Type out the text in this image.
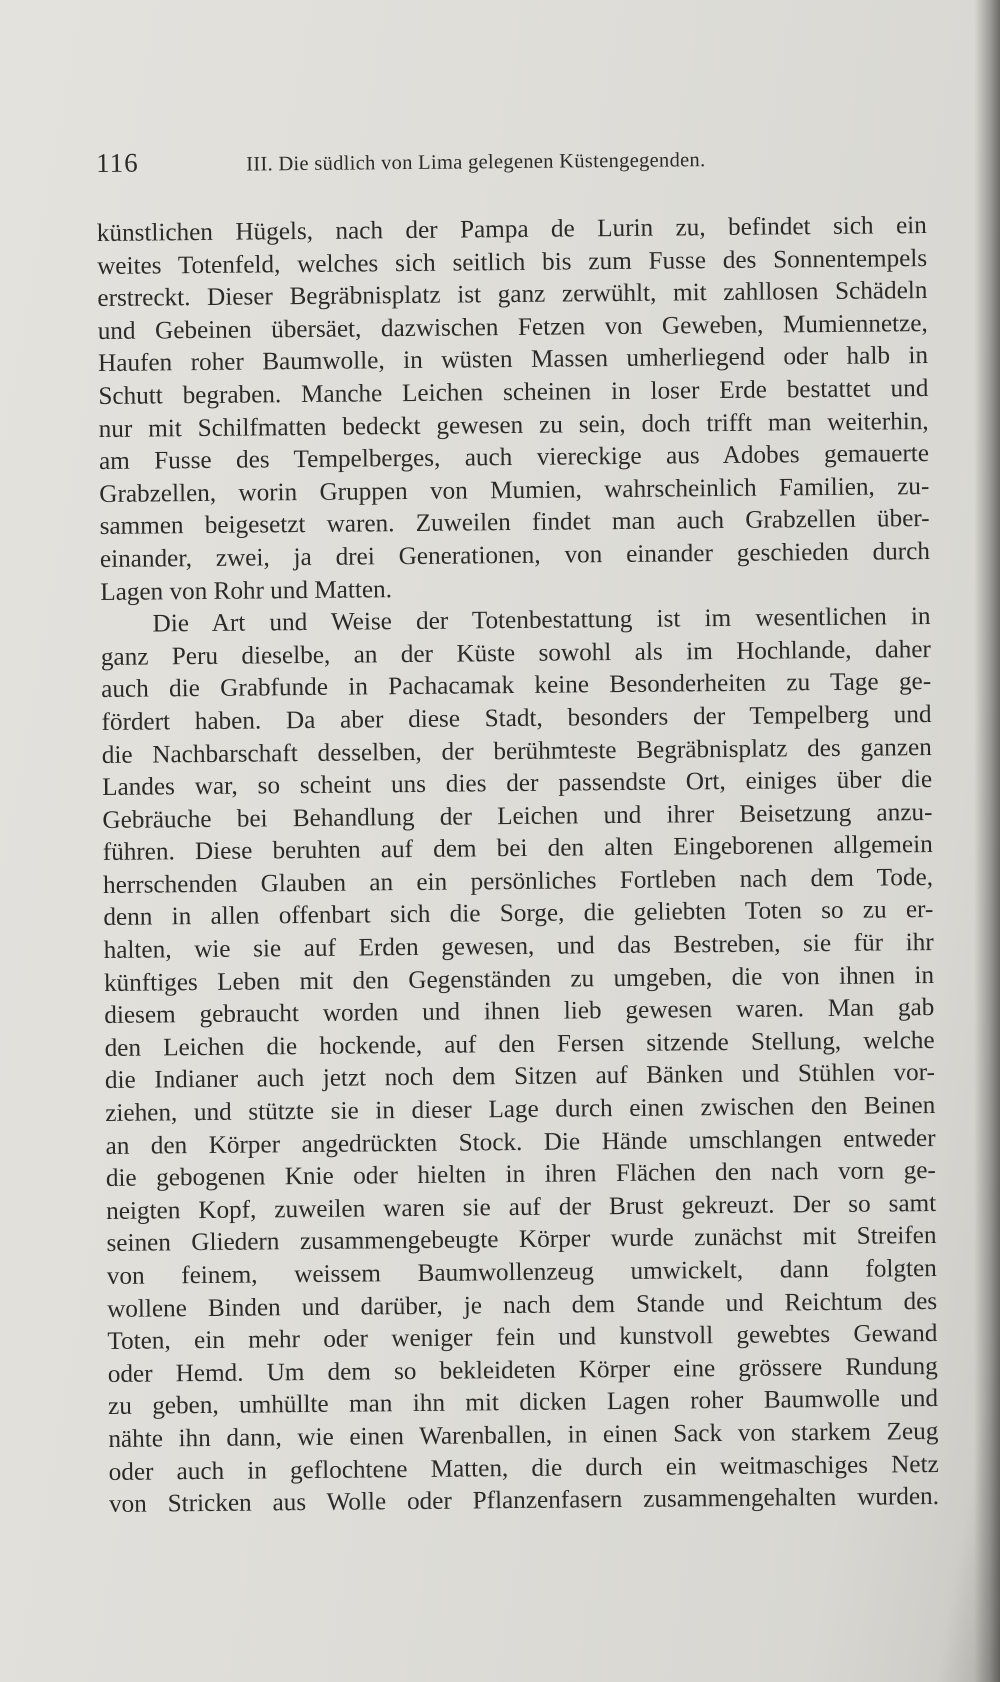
116	III. Die südlich von Lima gelegenen Küstengegenden.
künstlichen Hügels, nach der Pampa de Lurin zu, befindet sich ein
weites Totenfeld, welches sich seitlich bis zum Fusse des Sonnentempels
erstreckt. Dieser Begräbnisplatz ist ganz zerwühlt, mit zahllosen Schädeln
und Gebeinen übersäet, dazwischen Fetzen von Geweben, Mumiennetze,
Haufen roher Baumwolle, in wüsten Massen umherliegend oder halb in
Schutt begraben. Manche Leichen scheinen in loser Erde bestattet und
nur mit Schilfmatten bedeckt gewesen zu sein, doch trifft man weiterhin,
am Fusse des Tempelberges, auch viereckige aus Adobes gemauerte
Grabzellen, worin Gruppen von Mumien, wahrscheinlich Familien, zu-
sammen beigesetzt waren. Zuweilen findet man auch Grabzellen über-
einander, zwei, ja drei Generationen, von einander geschieden durch
Lagen von Rohr und Matten.
Die Art und Weise der Totenbestattung ist im wesentlichen in
ganz Peru dieselbe, an der Küste sowohl als im Hochlande, daher
auch die Grabfunde in Pachacamak keine Besonderheiten zu Tage ge-
fördert haben. Da aber diese Stadt, besonders der Tempelberg und
die Nachbarschaft desselben, der berühmteste Begräbnisplatz des ganzen
Landes war, so scheint uns dies der passendste Ort, einiges über die
Gebräuche bei Behandlung der Leichen und ihrer Beisetzung anzu-
führen. Diese beruhten auf dem bei den alten Eingeborenen allgemein
herrschenden Glauben an ein persönliches Fortleben nach dem Tode,
denn in allen offenbart sich die Sorge, die geliebten Toten so zu er-
halten, wie sie auf Erden gewesen, und das Bestreben, sie für ihr
künftiges Leben mit den Gegenständen zu umgeben, die von ihnen in
diesem gebraucht worden und ihnen lieb gewesen waren. Man gab
den Leichen die hockende, auf den Fersen sitzende Stellung, welche
die Indianer auch jetzt noch dem Sitzen auf Bänken und Stühlen vor-
ziehen, und stützte sie in dieser Lage durch einen zwischen den Beinen
an den Körper angedrückten Stock. Die Hände umschlangen entweder
die gebogenen Knie oder hielten in ihren Flächen den nach vorn ge-
neigten Kopf, zuweilen waren sie auf der Brust gekreuzt. Der so samt
seinen Gliedern zusammengebeugte Körper wurde zunächst mit Streifen
von feinem, weissem Baumwollenzeug umwickelt, dann folgten
wollene Binden und darüber, je nach dem Stande und Reichtum des
Toten, ein mehr oder weniger fein und kunstvoll gewebtes Gewand
oder Hemd. Um dem so bekleideten Körper eine grössere Rundung
zu geben, umhüllte man ihn mit dicken Lagen roher Baumwolle und
nähte ihn dann, wie einen Warenballen, in einen Sack von starkem Zeug
oder auch in geflochtene Matten, die durch ein weitmaschiges Netz
von Stricken aus Wolle oder Pflanzenfasern zusammengehalten wurden.
